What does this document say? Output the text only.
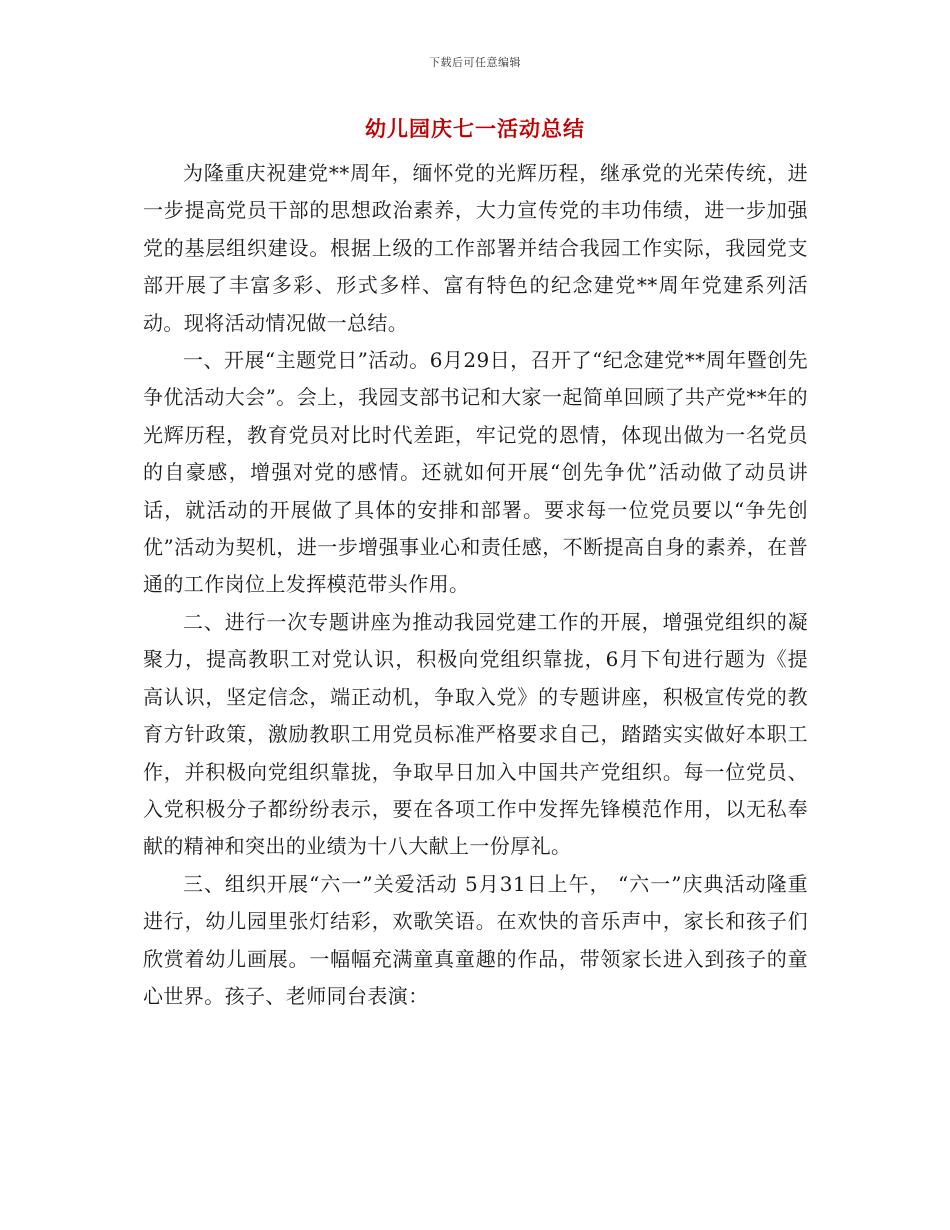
下载后可任意编辑
幼儿园庆七一活动总结

为隆重庆祝建党**周年，缅怀党的光辉历程，继承党的光荣传统，进一步提高党员干部的思想政治素养，大力宣传党的丰功伟绩，进一步加强党的基层组织建设。根据上级的工作部署并结合我园工作实际，我园党支部开展了丰富多彩、形式多样、富有特色的纪念建党**周年党建系列活动。现将活动情况做一总结。

一、开展“主题党日”活动。6月29日，召开了“纪念建党**周年暨创先争优活动大会”。会上，我园支部书记和大家一起简单回顾了共产党**年的光辉历程，教育党员对比时代差距，牢记党的恩情，体现出做为一名党员的自豪感，增强对党的感情。还就如何开展“创先争优”活动做了动员讲话，就活动的开展做了具体的安排和部署。要求每一位党员要以“争先创优”活动为契机，进一步增强事业心和责任感，不断提高自身的素养，在普通的工作岗位上发挥模范带头作用。

二、进行一次专题讲座为推动我园党建工作的开展，增强党组织的凝聚力，提高教职工对党认识，积极向党组织靠拢，6月下旬进行题为《提高认识，坚定信念，端正动机，争取入党》的专题讲座，积极宣传党的教育方针政策，激励教职工用党员标准严格要求自己，踏踏实实做好本职工作，并积极向党组织靠拢，争取早日加入中国共产党组织。每一位党员、入党积极分子都纷纷表示，要在各项工作中发挥先锋模范作用，以无私奉献的精神和突出的业绩为十八大献上一份厚礼。

三、组织开展“六一”关爱活动 5月31日上午， “六一”庆典活动隆重进行，幼儿园里张灯结彩，欢歌笑语。在欢快的音乐声中，家长和孩子们欣赏着幼儿画展。一幅幅充满童真童趣的作品，带领家长进入到孩子的童心世界。孩子、老师同台表演：
